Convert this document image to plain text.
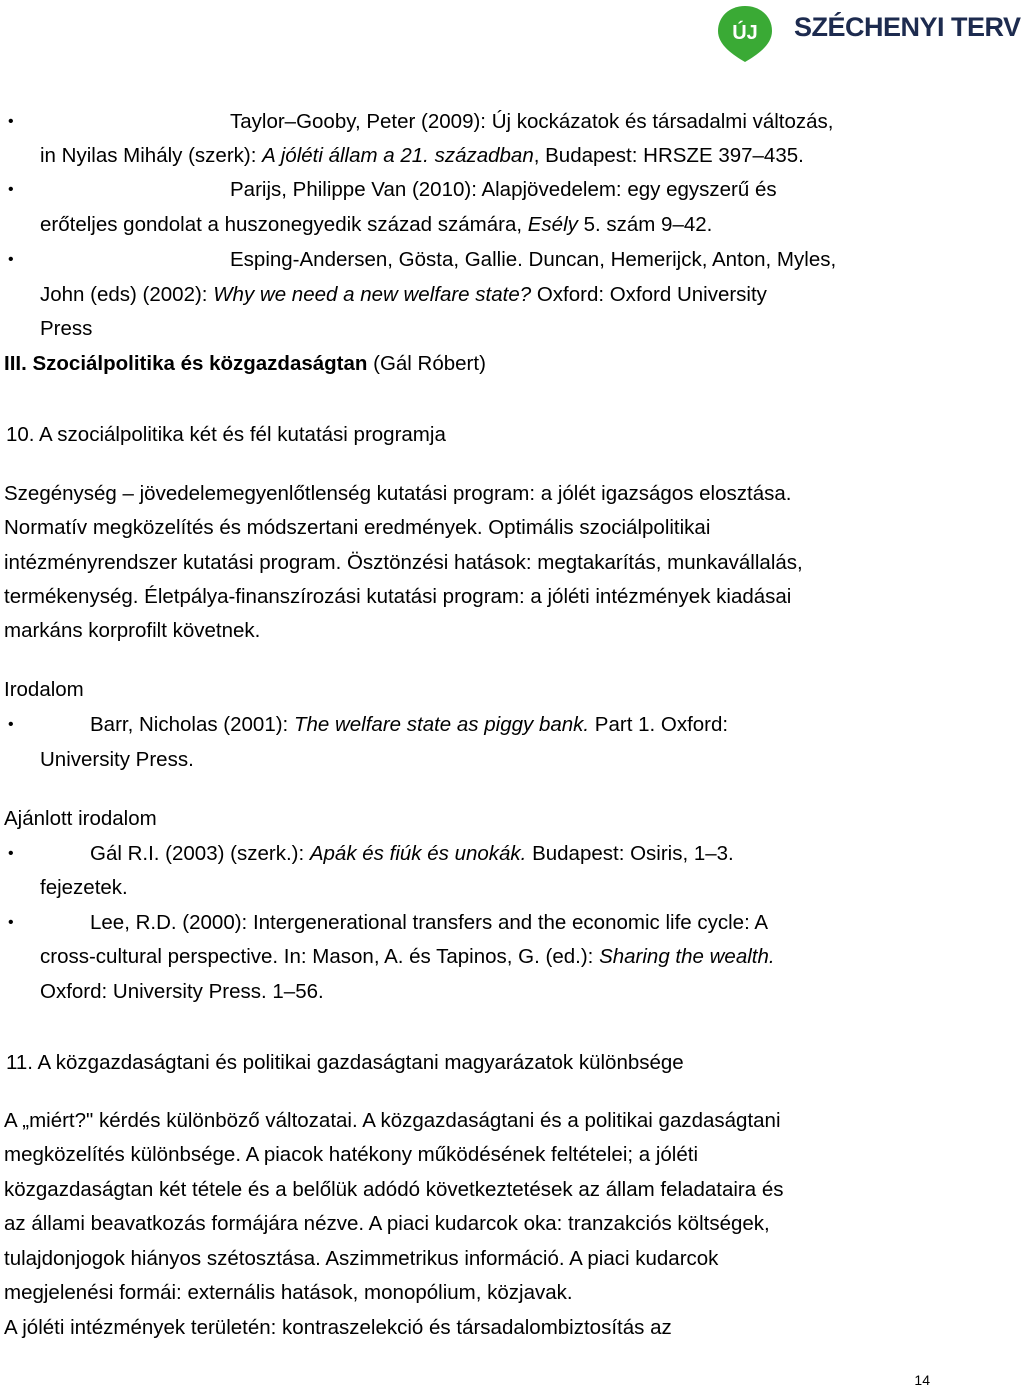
ÚJ SZÉCHENYI TERV
•	Taylor–Gooby, Peter (2009): Új kockázatok és társadalmi változás,
in Nyilas Mihály (szerk): A jóléti állam a 21. században, Budapest: HRSZE 397–435.
•	Parijs, Philippe Van (2010): Alapjövedelem: egy egyszerű és
erőteljes gondolat a huszonegyedik század számára, Esély 5. szám 9–42.
•	Esping-Andersen, Gösta, Gallie. Duncan, Hemerijck, Anton, Myles,
John (eds) (2002): Why we need a new welfare state? Oxford: Oxford University
Press
III. Szociálpolitika és közgazdaságtan (Gál Róbert)
10. A szociálpolitika két és fél kutatási programja
Szegénység – jövedelemegyenlőtlenség kutatási program: a jólét igazságos elosztása.
Normatív megközelítés és módszertani eredmények. Optimális szociálpolitikai
intézményrendszer kutatási program. Ösztönzési hatások: megtakarítás, munkavállalás,
termékenység. Életpálya-finanszírozási kutatási program: a jóléti intézmények kiadásai
markáns korprofilt követnek.
Irodalom
•	Barr, Nicholas (2001): The welfare state as piggy bank. Part 1. Oxford:
University Press.
Ajánlott irodalom
•	Gál R.I. (2003) (szerk.): Apák és fiúk és unokák. Budapest: Osiris, 1–3.
fejezetek.
•	Lee, R.D. (2000): Intergenerational transfers and the economic life cycle: A
cross-cultural perspective. In: Mason, A. és Tapinos, G. (ed.): Sharing the wealth.
Oxford: University Press. 1–56.
11. A közgazdaságtani és politikai gazdaságtani magyarázatok különbsége
A „miért?" kérdés különböző változatai. A közgazdaságtani és a politikai gazdaságtani
megközelítés különbsége. A piacok hatékony működésének feltételei; a jóléti
közgazdaságtan két tétele és a belőlük adódó következtetések az állam feladataira és
az állami beavatkozás formájára nézve. A piaci kudarcok oka: tranzakciós költségek,
tulajdonjogok hiányos szétosztása. Aszimmetrikus információ. A piaci kudarcok
megjelenési formái: externális hatások, monopólium, közjavak.
A jóléti intézmények területén: kontraszelekció és társadalombiztosítás az
14
